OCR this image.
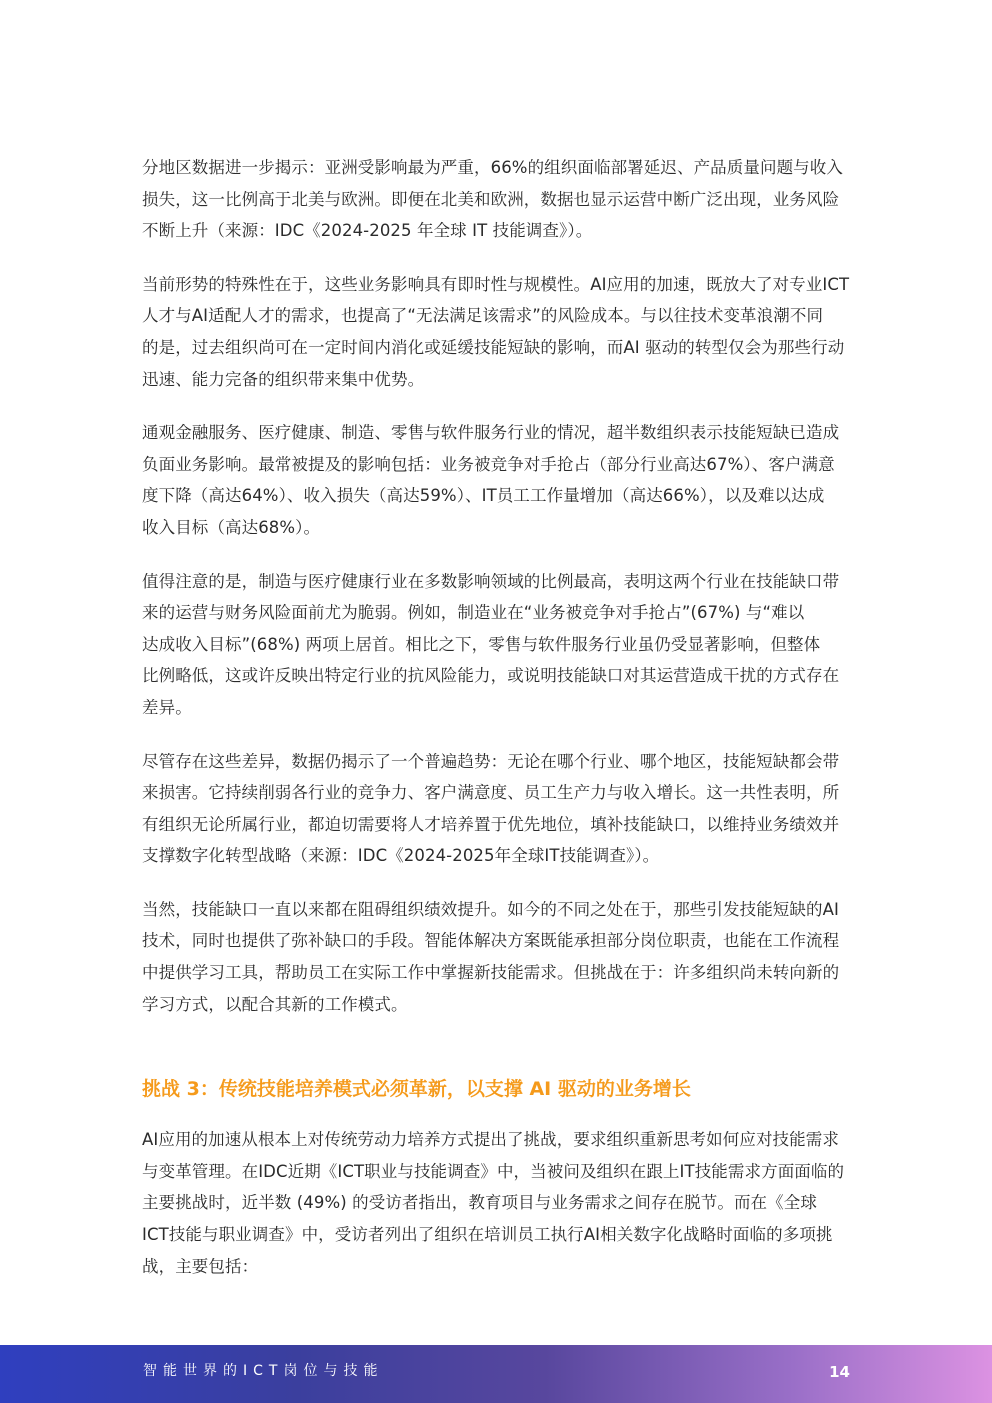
分地区数据进一步揭示：亚洲受影响最为严重，66%的组织面临部署延迟、产品质量问题与收入
损失，这一比例高于北美与欧洲。即便在北美和欧洲，数据也显示运营中断广泛出现，业务风险
不断上升（来源：IDC《2024-2025 年全球 IT 技能调查》）。

当前形势的特殊性在于，这些业务影响具有即时性与规模性。AI应用的加速，既放大了对专业ICT
人才与AI适配人才的需求，也提高了“无法满足该需求”的风险成本。与以往技术变革浪潮不同
的是，过去组织尚可在一定时间内消化或延缓技能短缺的影响，而AI 驱动的转型仅会为那些行动
迅速、能力完备的组织带来集中优势。

通观金融服务、医疗健康、制造、零售与软件服务行业的情况，超半数组织表示技能短缺已造成
负面业务影响。最常被提及的影响包括：业务被竞争对手抢占（部分行业高达67%）、客户满意
度下降（高达64%）、收入损失（高达59%）、IT员工工作量增加（高达66%），以及难以达成
收入目标（高达68%）。

值得注意的是，制造与医疗健康行业在多数影响领域的比例最高，表明这两个行业在技能缺口带
来的运营与财务风险面前尤为脆弱。例如，制造业在“业务被竞争对手抢占”(67%) 与“难以
达成收入目标”(68%) 两项上居首。相比之下，零售与软件服务行业虽仍受显著影响，但整体
比例略低，这或许反映出特定行业的抗风险能力，或说明技能缺口对其运营造成干扰的方式存在
差异。

尽管存在这些差异，数据仍揭示了一个普遍趋势：无论在哪个行业、哪个地区，技能短缺都会带
来损害。它持续削弱各行业的竞争力、客户满意度、员工生产力与收入增长。这一共性表明，所
有组织无论所属行业，都迫切需要将人才培养置于优先地位，填补技能缺口，以维持业务绩效并
支撑数字化转型战略（来源：IDC《2024-2025年全球IT技能调查》）。

当然，技能缺口一直以来都在阻碍组织绩效提升。如今的不同之处在于，那些引发技能短缺的AI
技术，同时也提供了弥补缺口的手段。智能体解决方案既能承担部分岗位职责，也能在工作流程
中提供学习工具，帮助员工在实际工作中掌握新技能需求。但挑战在于：许多组织尚未转向新的
学习方式，以配合其新的工作模式。

挑战 3：传统技能培养模式必须革新，以支撑 AI 驱动的业务增长

AI应用的加速从根本上对传统劳动力培养方式提出了挑战，要求组织重新思考如何应对技能需求
与变革管理。在IDC近期《ICT职业与技能调查》中，当被问及组织在跟上IT技能需求方面面临的
主要挑战时，近半数 (49%) 的受访者指出，教育项目与业务需求之间存在脱节。而在《全球
ICT技能与职业调查》中，受访者列出了组织在培训员工执行AI相关数字化战略时面临的多项挑
战，主要包括：

智能世界的ICT岗位与技能	14
